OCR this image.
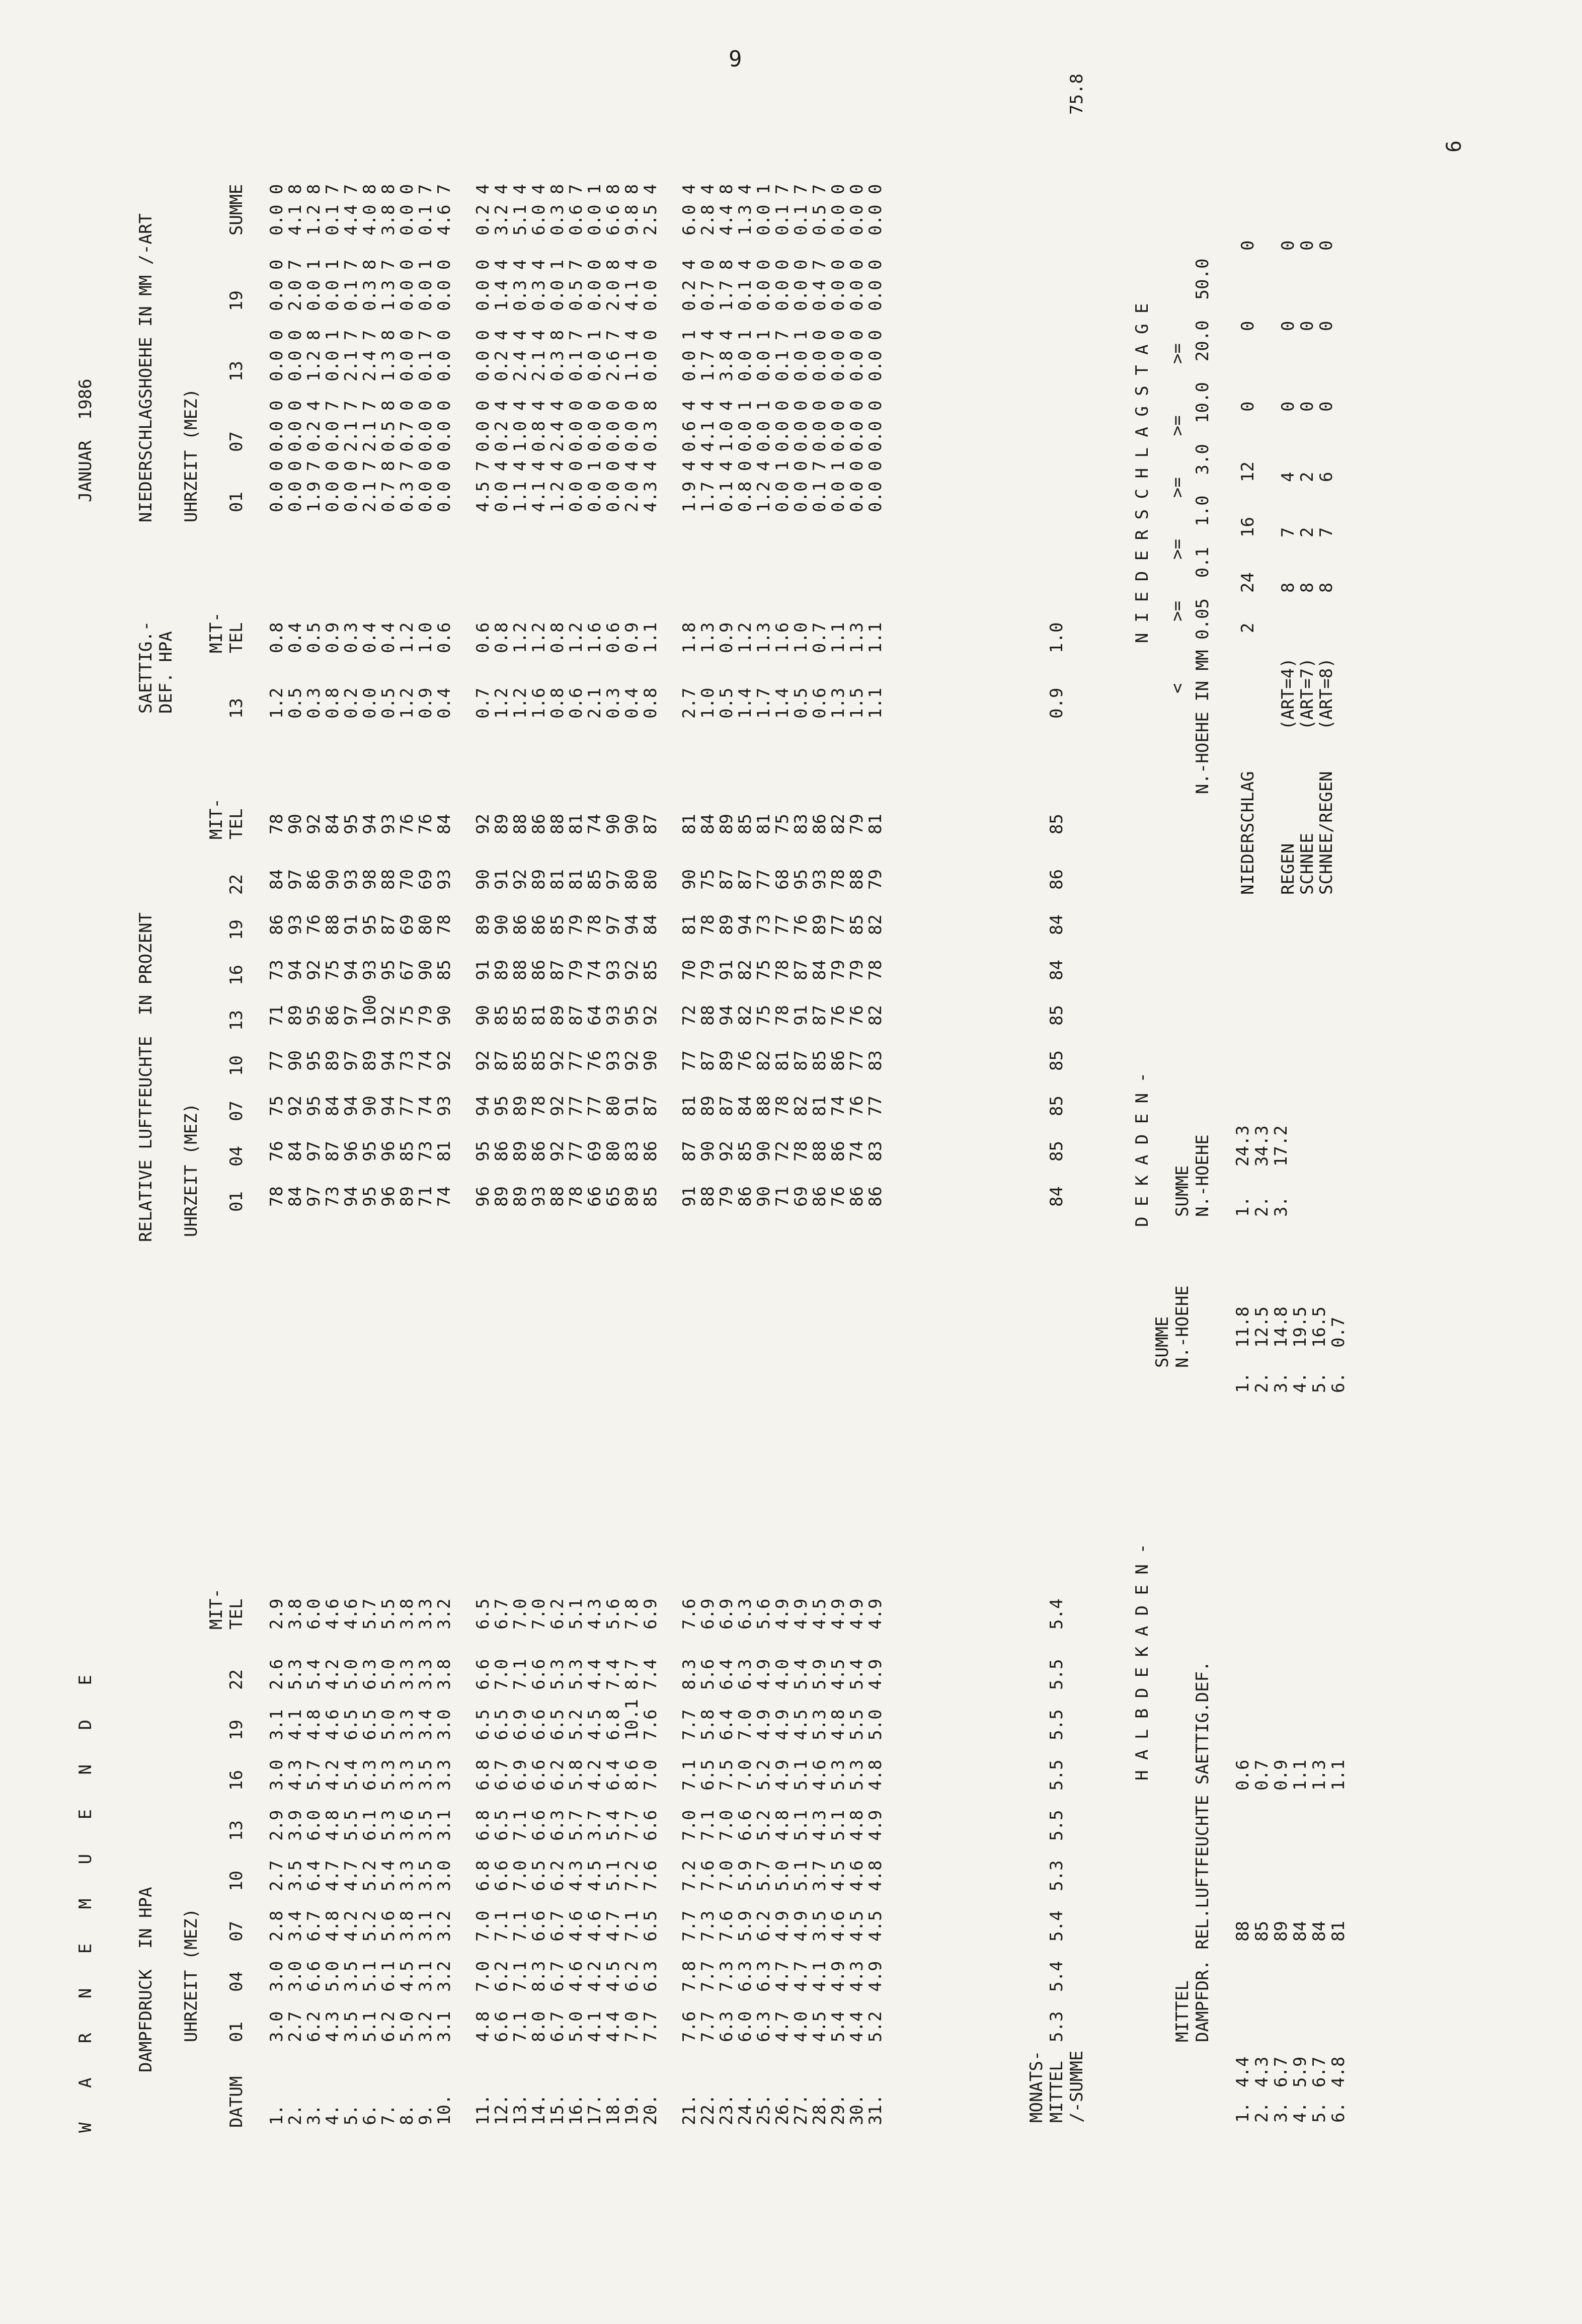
9
6
W A R N E M U E N D E
JANUAR  1986
DAMPFDRUCK  IN HPA UHRZEIT (MEZ)
RELATIVE LUFTFEUCHTE  IN PROZENT UHRZEIT (MEZ)
SAETTIG.-
DEF. HPA
NIEDERSCHLAGSHOEHE IN MM /-ART UHRZEIT (MEZ)
DATUM
01
04
07
10
13
16
19
22
MIT-
TEL
01
04
07
10
13
16
19
22
MIT-
TEL
13
MIT-
TEL
01
07
13
19
SUMME
1.
3.0
3.0
2.8
2.7
2.9
3.0
3.1
2.6
2.9
78
76
75
77
71
73
86
84
78
1.2
0.8
0.0 0
0.0 0
0.0 0
0.0 0
0.0 0
2.
2.7
3.0
3.4
3.5
3.9
4.3
4.1
5.3
3.8
84
84
92
90
89
94
93
97
90
0.5
0.4
0.0 0
0.0 0
0.0 0
2.0 7
4.1 8
3.
6.2
6.6
6.7
6.4
6.0
5.7
4.8
5.4
6.0
97
97
95
95
95
92
76
86
92
0.3
0.5
1.9 7
0.2 4
1.2 8
0.0 1
1.2 8
4.
4.3
5.0
4.8
4.7
4.8
4.2
4.6
4.2
4.6
73
87
84
89
86
75
88
90
84
0.8
0.9
0.0 0
0.0 7
0.0 1
0.0 1
0.1 7
5.
3.5
3.5
4.2
4.7
5.5
5.4
6.5
5.0
4.6
94
96
94
97
97
94
91
93
95
0.2
0.3
0.0 0
2.1 7
2.1 7
0.1 7
4.4 7
6.
5.1
5.1
5.2
5.2
6.1
6.3
6.5
6.3
5.7
95
95
90
89
100
93
95
98
94
0.0
0.4
2.1 7
2.1 7
2.4 7
0.3 8
4.0 8
7.
6.2
6.1
5.6
5.4
5.3
5.3
5.0
5.0
5.5
96
96
94
94
92
95
87
88
93
0.5
0.4
0.7 8
0.5 8
1.3 8
1.3 7
3.8 8
8.
5.0
4.5
3.8
3.3
3.6
3.3
3.3
3.3
3.8
89
85
77
73
75
67
69
70
76
1.2
1.2
0.3 7
0.7 0
0.0 0
0.0 0
0.0 0
9.
3.2
3.1
3.1
3.5
3.5
3.5
3.4
3.3
3.3
71
73
74
74
79
90
80
69
76
0.9
1.0
0.0 0
0.0 0
0.1 7
0.0 1
0.1 7
10.
3.1
3.2
3.2
3.0
3.1
3.3
3.0
3.8
3.2
74
81
93
92
90
85
78
93
84
0.4
0.6
0.0 0
0.0 0
0.0 0
0.0 0
4.6 7
11.
4.8
7.0
7.0
6.8
6.8
6.8
6.5
6.6
6.5
96
95
94
92
90
91
89
90
92
0.7
0.6
4.5 7
0.0 0
0.0 0
0.0 0
0.2 4
12.
6.6
6.2
7.1
6.6
6.5
6.7
6.5
7.0
6.7
89
86
95
87
85
89
90
91
89
1.2
0.8
0.0 4
0.2 4
0.2 4
1.4 4
3.2 4
13.
7.1
7.1
7.1
7.0
7.1
6.9
6.9
7.1
7.0
89
89
89
85
85
88
86
92
88
1.2
1.2
1.1 4
1.0 4
2.4 4
0.3 4
5.1 4
14.
8.0
8.3
6.6
6.5
6.6
6.6
6.6
6.6
7.0
93
86
78
85
81
86
86
89
86
1.6
1.2
4.1 4
0.8 4
2.1 4
0.3 4
6.0 4
15.
6.7
6.7
6.7
6.2
6.3
6.2
6.5
5.3
6.2
88
92
92
92
89
87
85
81
88
0.8
0.8
1.2 4
2.4 4
0.3 8
0.0 1
0.3 8
16.
5.0
4.6
4.6
4.3
5.7
5.8
5.2
5.3
5.1
78
77
77
77
87
79
79
81
81
0.6
1.2
0.0 0
0.0 0
0.1 7
0.5 7
0.6 7
17.
4.1
4.2
4.6
4.5
3.7
4.2
4.5
4.4
4.3
66
69
77
76
64
74
78
85
74
2.1
1.6
0.0 1
0.0 0
0.0 1
0.0 0
0.0 1
18.
4.4
4.5
4.7
5.1
5.4
6.4
6.8
7.4
5.6
65
80
80
93
93
93
97
97
90
0.3
0.6
0.0 0
0.0 0
2.6 7
2.0 8
6.6 8
19.
7.0
6.2
7.1
7.2
7.7
8.6
10.1
8.7
7.8
89
83
91
92
95
92
94
80
90
0.4
0.9
2.0 4
0.0 0
1.1 4
4.1 4
9.8 8
20.
7.7
6.3
6.5
7.6
6.6
7.0
7.6
7.4
6.9
85
86
87
90
92
85
84
80
87
0.8
1.1
4.3 4
0.3 8
0.0 0
0.0 0
2.5 4
21.
7.6
7.8
7.7
7.2
7.0
7.1
7.7
8.3
7.6
91
87
81
77
72
70
81
90
81
2.7
1.8
1.9 4
0.6 4
0.0 1
0.2 4
6.0 4
22.
7.7
7.7
7.3
7.6
7.1
6.5
5.8
5.6
6.9
88
90
89
87
88
79
78
75
84
1.0
1.3
1.7 4
4.1 4
1.7 4
0.7 0
2.8 4
23.
6.3
7.3
7.6
7.0
7.0
7.5
6.4
6.4
6.9
79
92
87
89
94
91
89
87
89
0.5
0.9
0.1 4
1.0 4
3.8 4
1.7 8
4.4 8
24.
6.0
6.3
5.9
5.9
6.6
7.0
7.0
6.3
6.3
86
85
84
76
82
82
94
87
85
1.4
1.2
0.8 0
0.0 1
0.0 1
0.1 4
1.3 4
25.
6.3
6.3
6.2
5.7
5.2
5.2
4.9
4.9
5.6
90
90
88
82
75
75
73
77
81
1.7
1.3
1.2 4
0.0 1
0.0 1
0.0 0
0.0 1
26.
4.7
4.7
4.9
5.0
4.8
4.9
4.9
4.0
4.9
71
72
78
81
78
78
77
68
75
1.4
1.6
0.0 1
0.0 0
0.1 7
0.0 0
0.1 7
27.
4.0
4.7
4.9
5.1
5.1
5.1
4.5
5.4
4.9
69
78
82
87
91
87
76
95
83
0.5
1.0
0.0 0
0.0 0
0.0 1
0.0 0
0.1 7
28.
4.5
4.1
3.5
3.7
4.3
4.6
5.3
5.9
4.5
86
88
81
85
87
84
89
93
86
0.6
0.7
0.1 7
0.0 0
0.0 0
0.4 7
0.5 7
29.
5.4
4.9
4.6
4.5
5.1
5.3
4.8
4.5
4.9
76
86
74
86
76
79
77
78
82
1.3
1.1
0.0 1
0.0 0
0.0 0
0.0 0
0.0 0
30.
4.4
4.3
4.5
4.6
4.8
5.3
5.5
5.4
4.9
86
74
76
77
76
79
85
88
79
1.5
1.3
0.0 0
0.0 0
0.0 0
0.0 0
0.0 0
31.
5.2
4.9
4.5
4.8
4.9
4.8
5.0
4.9
4.9
86
83
77
83
82
78
82
79
81
1.1
1.1
0.0 0
0.0 0
0.0 0
0.0 0
0.0 0
5.3
5.4
5.4
5.3
5.5
5.5
5.5
5.5
5.4
84
85
85
85
85
84
84
86
85
0.9
1.0
MONATS-
MITTEL
/-SUMME
75.8
H A L B D E K A D E N -
MITTEL
DAMPFDR. REL.LUFTFEUCHTE SAETTIG.DEF.
SUMME
N.-HOEHE
D E K A D E N - SUMME
N.-HOEHE
N I E D E R S C H L A G S T A G E <      >=    >=    >=    >=     >= N.-HOEHE IN MM 0.05  0.1  1.0  3.0  10.0  20.0  50.0
NIEDERSCHLAG
1.
4.4
88
0.6
1.
11.8
2.
4.3
85
0.7
2.
12.5
3.
6.7
89
0.9
3.
14.8
4.
5.9
84
1.1
4.
19.5
5.
6.7
84
1.3
5.
16.5
6.
4.8
81
1.1
6.
0.7
1.
24.3
2.
34.3
3.
17.2
2
24
16
12
0
0
0
REGEN           (ART=4)
8
7
4
0
0
0
SCHNEE          (ART=7)
8
2
2
0
0
0
SCHNEE/REGEN    (ART=8)
8
7
6
0
0
0
